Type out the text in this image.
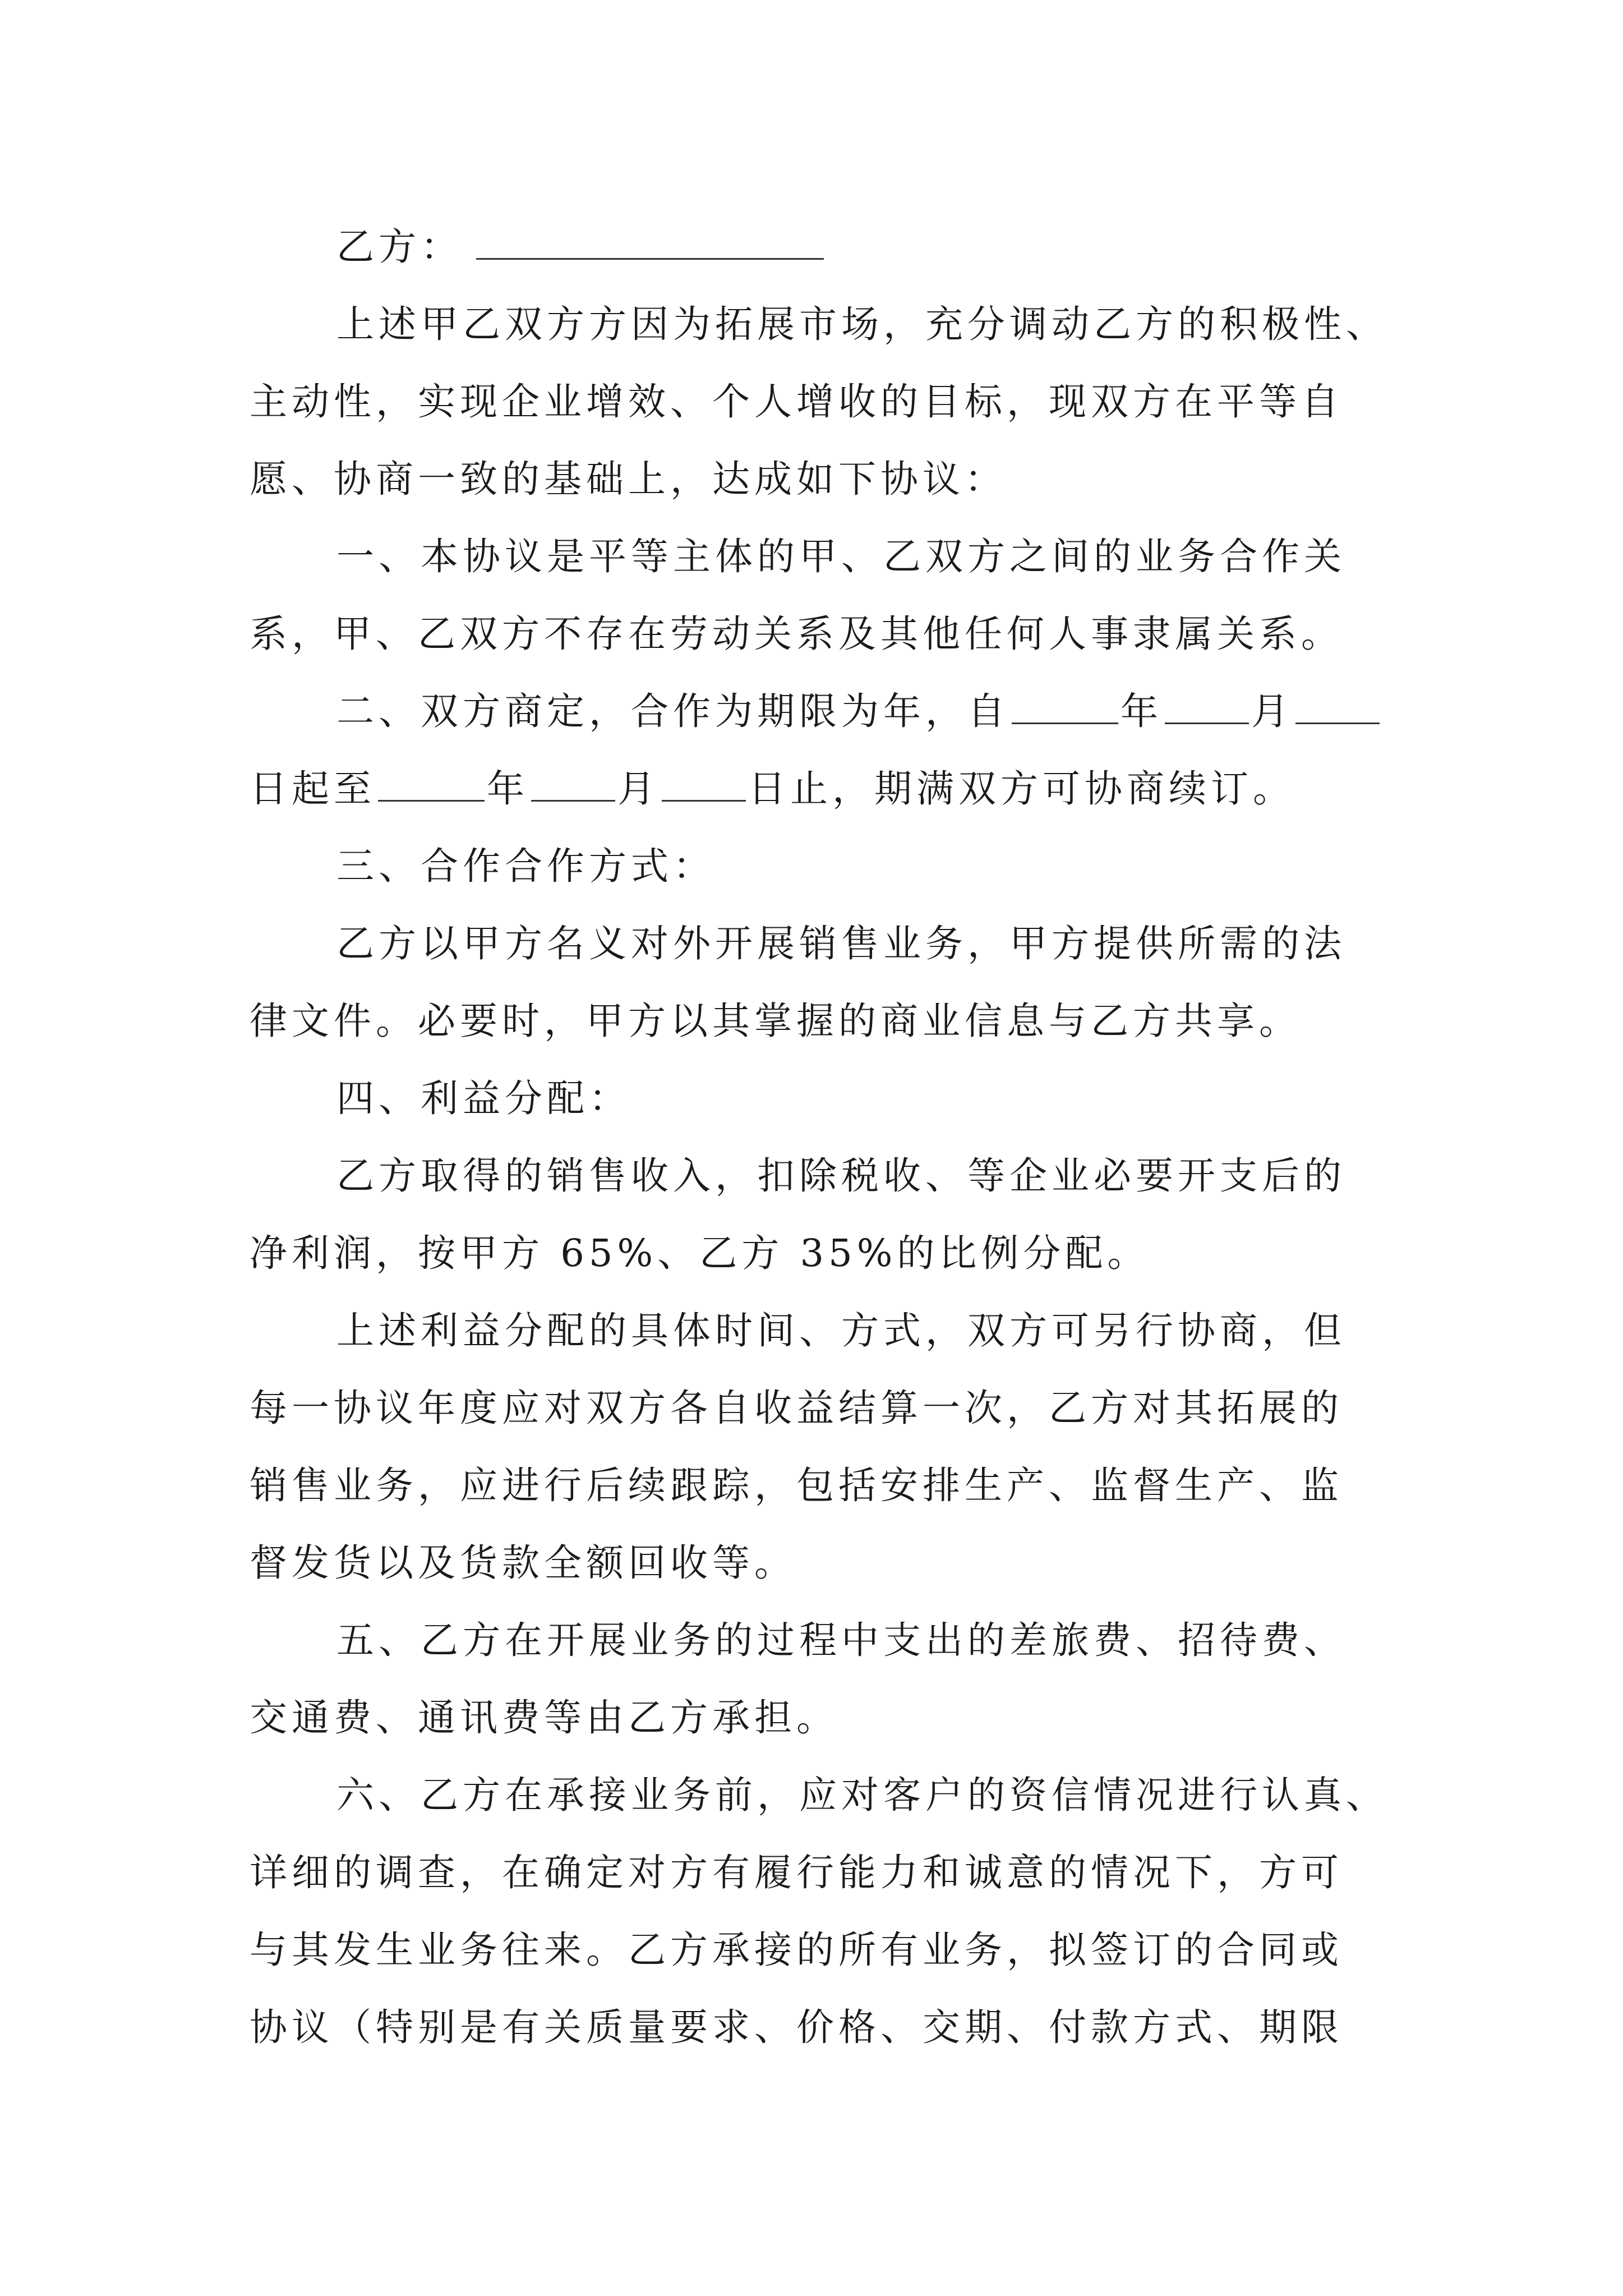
乙方：
上述甲乙双方方因为拓展市场，充分调动乙方的积极性、
主动性，实现企业增效、个人增收的目标，现双方在平等自
愿、协商一致的基础上，达成如下协议：
一、本协议是平等主体的甲、乙双方之间的业务合作关
系，甲、乙双方不存在劳动关系及其他任何人事隶属关系。
二、双方商定，合作为期限为年，自	年 月
日起至	年 月 日止，期满双方可协商续订。
三、合作合作方式：
乙方以甲方名义对外开展销售业务，甲方提供所需的法
律文件。必要时，甲方以其掌握的商业信息与乙方共享。
四、利益分配：
乙方取得的销售收入，扣除税收、等企业必要开支后的
净利润，按甲方 65%、乙方 35%的比例分配。
上述利益分配的具体时间、方式，双方可另行协商，但
每一协议年度应对双方各自收益结算一次，乙方对其拓展的
销售业务，应进行后续跟踪，包括安排生产、监督生产、监
督发货以及货款全额回收等。
五、乙方在开展业务的过程中支出的差旅费、招待费、
交通费、通讯费等由乙方承担。
六、乙方在承接业务前，应对客户的资信情况进行认真、
详细的调查，在确定对方有履行能力和诚意的情况下，方可
与其发生业务往来。乙方承接的所有业务，拟签订的合同或
协议（特别是有关质量要求、价格、交期、付款方式、期限
